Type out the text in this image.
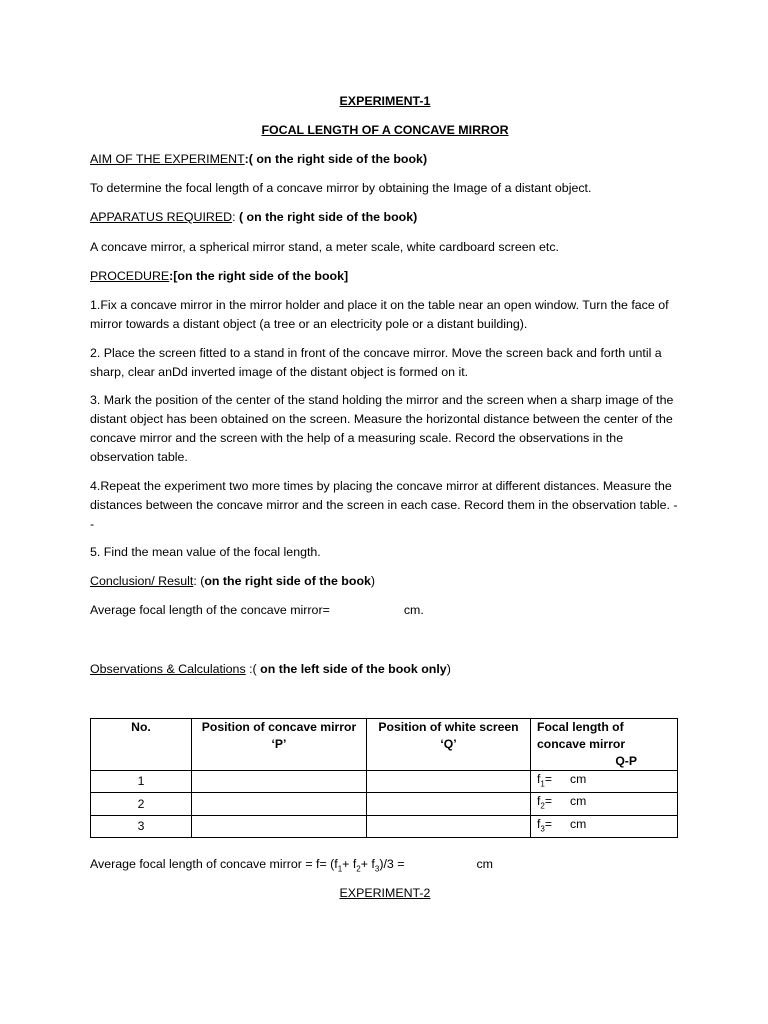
EXPERIMENT-1

FOCAL LENGTH OF A CONCAVE MIRROR

AIM OF THE EXPERIMENT:( on the right side of the book)

To determine the focal length of a concave mirror by obtaining the Image of a distant object.

APPARATUS REQUIRED: ( on the right side of the book)

A concave mirror, a spherical mirror stand, a meter scale, white cardboard screen etc.

PROCEDURE:[on the right side of the book]

1.Fix a concave mirror in the mirror holder and place it on the table near an open window. Turn the face of mirror towards a distant object (a tree or an electricity pole or a distant building).

2. Place the screen fitted to a stand in front of the concave mirror. Move the screen back and forth until a sharp, clear anDd inverted image of the distant object is formed on it.

3. Mark the position of the center of the stand holding the mirror and the screen when a sharp image of the distant object has been obtained on the screen. Measure the horizontal distance between the center of the concave mirror and the screen with the help of a measuring scale. Record the observations in the observation table.

4.Repeat the experiment two more times by placing the concave mirror at different distances. Measure the distances between the concave mirror and the screen in each case. Record them in the observation table. --

5. Find the mean value of the focal length.

Conclusion/ Result: (on the right side of the book)

Average focal length of the concave mirror=	cm.

Observations & Calculations :( on the left side of the book only)

No.	Position of concave mirror ‘P’	Position of white screen ‘Q’	Focal length of concave mirror
Q-P

1			$f_1=$ cm
2			$f_2=$ cm
3			$f_3=$ cm

Average focal length of concave mirror = $f= (f_1+ f_2+ f_3)/3$ =	cm

EXPERIMENT-2
